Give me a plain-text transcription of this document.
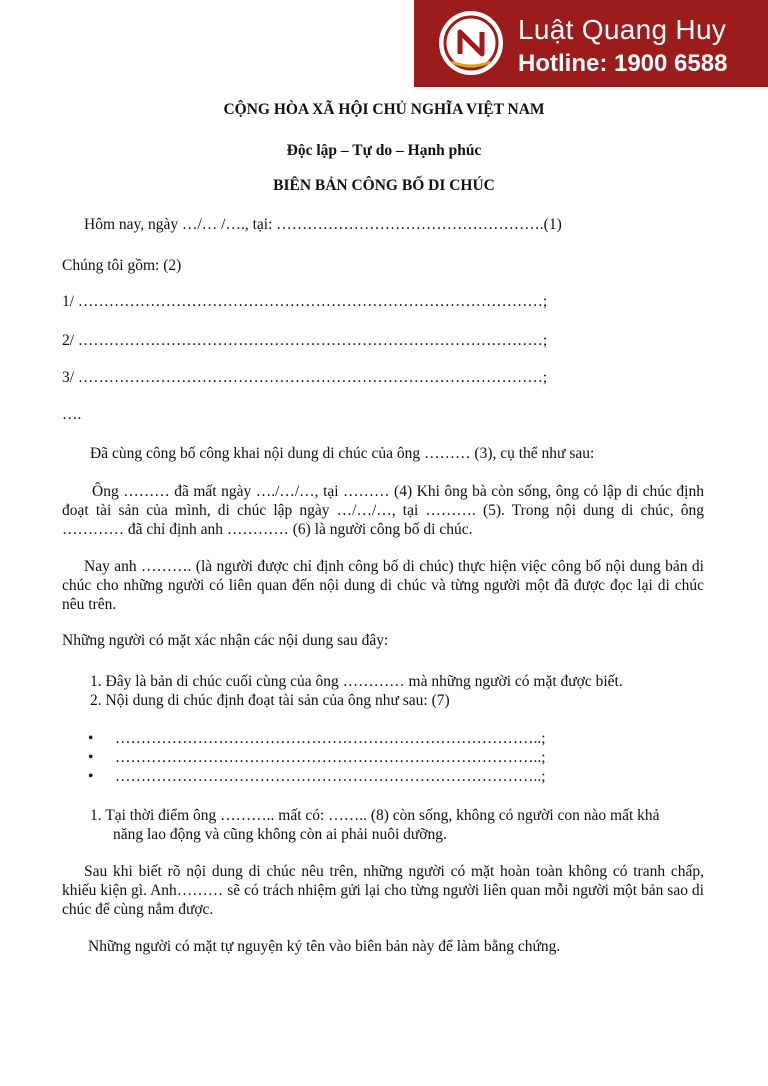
Luật Quang Huy
Hotline: 1900 6588
CỘNG HÒA XÃ HỘI CHỦ NGHĨA VIỆT NAM
Độc lập – Tự do – Hạnh phúc
BIÊN BẢN CÔNG BỐ DI CHÚC
Hôm nay, ngày …/… /…., tại: …………………………………………….(1)
Chúng tôi gồm: (2)
1/ ………………………………………………………………………………;
2/ ………………………………………………………………………………;
3/ ………………………………………………………………………………;
….
Đã cùng công bố công khai nội dung di chúc của ông ……… (3), cụ thể như sau:
Ông ……… đã mất ngày …./…/…, tại ……… (4) Khi ông bà còn sống, ông có lập di chúc định đoạt tài sản của mình, di chúc lập ngày …/…/…, tại ………. (5). Trong nội dung di chúc, ông ………… đã chỉ định anh ………… (6) là người công bố di chúc.
Nay anh ………. (là người được chỉ định công bố di chúc) thực hiện việc công bố nội dung bản di chúc cho những người có liên quan đến nội dung di chúc và từng người một đã được đọc lại di chúc nêu trên.
Những người có mặt xác nhận các nội dung sau đây:
1. Đây là bản di chúc cuối cùng của ông ………… mà những người có mặt được biết.
2. Nội dung di chúc định đoạt tài sản của ông như sau: (7)
• ………………………………………………………………………..;
• ………………………………………………………………………..;
• ………………………………………………………………………..;
1. Tại thời điểm ông ……….. mất có: …….. (8) còn sống, không có người con nào mất khả
năng lao động và cũng không còn ai phải nuôi dưỡng.
Sau khi biết rõ nội dung di chúc nêu trên, những người có mặt hoàn toàn không có tranh chấp, khiếu kiện gì. Anh……… sẽ có trách nhiệm gửi lại cho từng người liên quan mỗi người một bản sao di chúc để cùng nắm được.
Những người có mặt tự nguyện ký tên vào biên bản này để làm bằng chứng.
